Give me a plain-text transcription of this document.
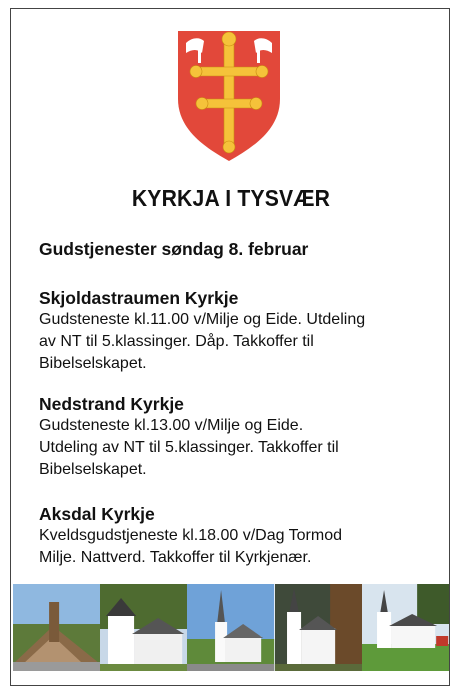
KYRKJA I TYSVÆR
Gudstjenester søndag 8. februar
Skjoldastraumen Kyrkje
Gudsteneste kl.11.00 v/Milje og Eide. Utdeling
av NT til 5.klassinger. Dåp. Takkoffer til
Bibelselskapet.
Nedstrand Kyrkje
Gudsteneste kl.13.00 v/Milje og Eide.
Utdeling av NT til 5.klassinger. Takkoffer til
Bibelselskapet.
Aksdal Kyrkje
Kveldsgudstjeneste kl.18.00 v/Dag Tormod
Milje. Nattverd. Takkoffer til Kyrkjenær.
